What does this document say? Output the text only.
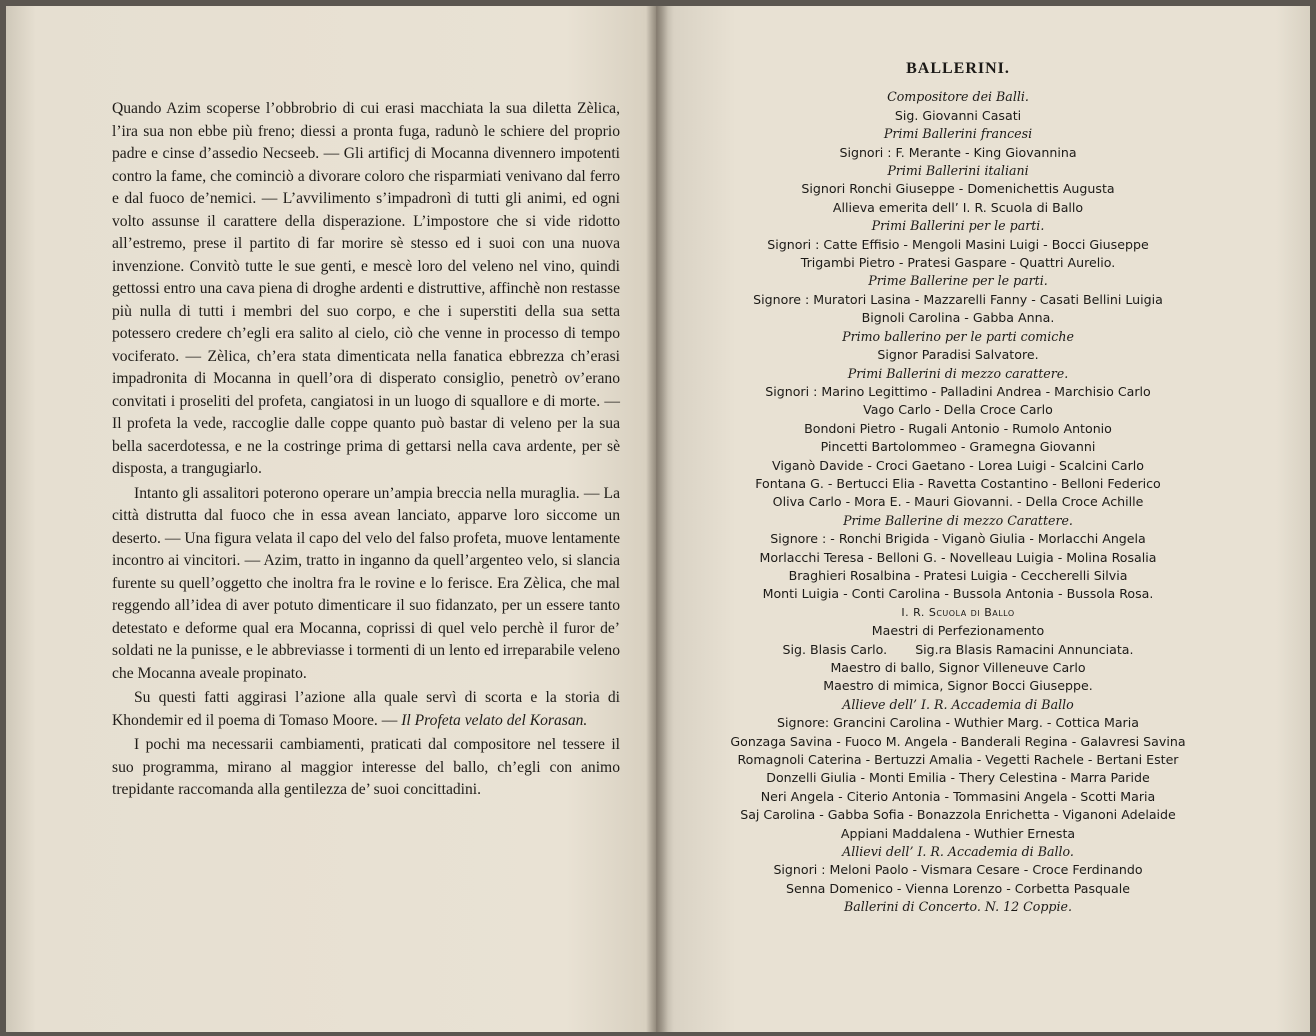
Quando Azim scoperse l’obbrobrio di cui erasi macchiata la sua diletta Zèlica, l’ira sua non ebbe più freno; diessi a pronta fuga, radunò le schiere del proprio padre e cinse d’assedio Necseeb. — Gli artificj di Mocanna divennero impotenti contro la fame, che cominciò a divorare coloro che risparmiati venivano dal ferro e dal fuoco de’nemici. — L’avvilimento s’impadronì di tutti gli animi, ed ogni volto assunse il carattere della disperazione. L’impostore che si vide ridotto all’estremo, prese il partito di far morire sè stesso ed i suoi con una nuova invenzione. Convitò tutte le sue genti, e mescè loro del veleno nel vino, quindi gettossi entro una cava piena di droghe ardenti e distruttive, affinchè non restasse più nulla di tutti i membri del suo corpo, e che i superstiti della sua setta potessero credere ch’egli era salito al cielo, ciò che venne in processo di tempo vociferato. — Zèlica, ch’era stata dimenticata nella fanatica ebbrezza ch’erasi impadronita di Mocanna in quell’ora di disperato consiglio, penetrò ov’erano convitati i proseliti del profeta, cangiatosi in un luogo di squallore e di morte. — Il profeta la vede, raccoglie dalle coppe quanto può bastar di veleno per la sua bella sacerdotessa, e ne la costringe prima di gettarsi nella cava ardente, per sè disposta, a trangugiarlo.

Intanto gli assalitori poterono operare un’ampia breccia nella muraglia. — La città distrutta dal fuoco che in essa avean lanciato, apparve loro siccome un deserto. — Una figura velata il capo del velo del falso profeta, muove lentamente incontro ai vincitori. — Azim, tratto in inganno da quell’argenteo velo, si slancia furente su quell’oggetto che inoltra fra le rovine e lo ferisce. Era Zèlica, che mal reggendo all’idea di aver potuto dimenticare il suo fidanzato, per un essere tanto detestato e deforme qual era Mocanna, coprissi di quel velo perchè il furor de’ soldati ne la punisse, e le abbreviasse i tormenti di un lento ed irreparabile veleno che Mocanna aveale propinato.

Su questi fatti aggirasi l’azione alla quale servì di scorta e la storia di Khondemir ed il poema di Tomaso Moore. — Il Profeta velato del Korasan.

I pochi ma necessarii cambiamenti, praticati dal compositore nel tessere il suo programma, mirano al maggior interesse del ballo, ch’egli con animo trepidante raccomanda alla gentilezza de’ suoi concittadini.

BALLERINI.
Compositore dei Balli.
Sig. Giovanni Casati
Primi Ballerini francesi
Signori : F. Merante - King Giovannina
Primi Ballerini italiani
Signori Ronchi Giuseppe - Domenichettis Augusta
Allieva emerita dell’ I. R. Scuola di Ballo
Primi Ballerini per le parti.
Signori : Catte Effisio - Mengoli Masini Luigi - Bocci Giuseppe
Trigambi Pietro - Pratesi Gaspare - Quattri Aurelio.
Prime Ballerine per le parti.
Signore : Muratori Lasina - Mazzarelli Fanny - Casati Bellini Luigia
Bignoli Carolina - Gabba Anna.
Primo ballerino per le parti comiche
Signor Paradisi Salvatore.
Primi Ballerini di mezzo carattere.
Signori : Marino Legittimo - Palladini Andrea - Marchisio Carlo
Vago Carlo - Della Croce Carlo
Bondoni Pietro - Rugali Antonio - Rumolo Antonio
Pincetti Bartolommeo - Gramegna Giovanni
Viganò Davide - Croci Gaetano - Lorea Luigi - Scalcini Carlo
Fontana G. - Bertucci Elia - Ravetta Costantino - Belloni Federico
Oliva Carlo - Mora E. - Mauri Giovanni. - Della Croce Achille
Prime Ballerine di mezzo Carattere.
Signore : - Ronchi Brigida - Viganò Giulia - Morlacchi Angela
Morlacchi Teresa - Belloni G. - Novelleau Luigia - Molina Rosalia
Braghieri Rosalbina - Pratesi Luigia - Ceccherelli Silvia
Monti Luigia - Conti Carolina - Bussola Antonia - Bussola Rosa.
I. R. Scuola di Ballo
Maestri di Perfezionamento
Sig. Blasis Carlo. Sig.ra Blasis Ramacini Annunciata.
Maestro di ballo, Signor Villeneuve Carlo
Maestro di mimica, Signor Bocci Giuseppe.
Allieve dell’ I. R. Accademia di Ballo
Signore: Grancini Carolina - Wuthier Marg. - Cottica Maria
Gonzaga Savina - Fuoco M. Angela - Banderali Regina - Galavresi Savina
Romagnoli Caterina - Bertuzzi Amalia - Vegetti Rachele - Bertani Ester
Donzelli Giulia - Monti Emilia - Thery Celestina - Marra Paride
Neri Angela - Citerio Antonia - Tommasini Angela - Scotti Maria
Saj Carolina - Gabba Sofia - Bonazzola Enrichetta - Viganoni Adelaide
Appiani Maddalena - Wuthier Ernesta
Allievi dell’ I. R. Accademia di Ballo.
Signori : Meloni Paolo - Vismara Cesare - Croce Ferdinando
Senna Domenico - Vienna Lorenzo - Corbetta Pasquale
Ballerini di Concerto. N. 12 Coppie.
